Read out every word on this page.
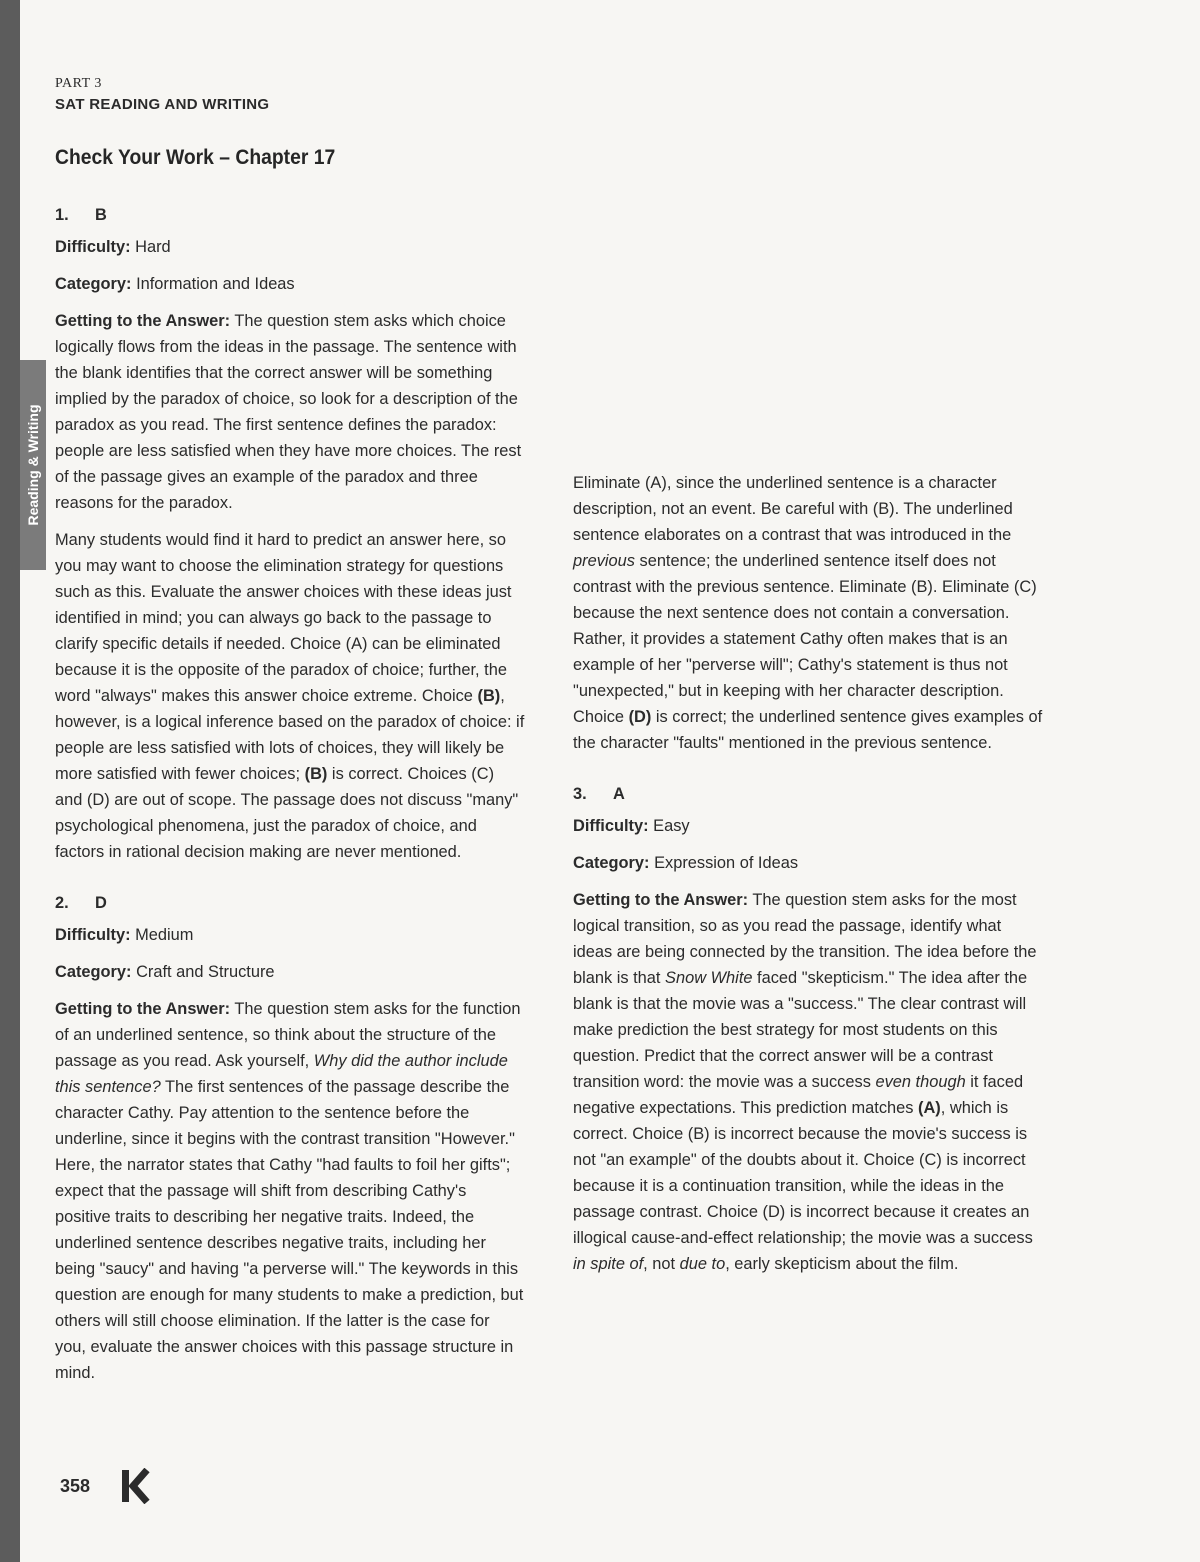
Reading & Writing

PART 3

SAT READING AND WRITING

Check Your Work – Chapter 17
1. B
Difficulty: Hard
Category: Information and Ideas

Getting to the Answer: The question stem asks which choice logically flows from the ideas in the passage. The sentence with the blank identifies that the correct answer will be something implied by the paradox of choice, so look for a description of the paradox as you read. The first sentence defines the paradox: people are less satisfied when they have more choices. The rest of the passage gives an example of the paradox and three reasons for the paradox.

Many students would find it hard to predict an answer here, so you may want to choose the elimination strategy for questions such as this. Evaluate the answer choices with these ideas just identified in mind; you can always go back to the passage to clarify specific details if needed. Choice (A) can be eliminated because it is the opposite of the paradox of choice; further, the word "always" makes this answer choice extreme. Choice (B), however, is a logical inference based on the paradox of choice: if people are less satisfied with lots of choices, they will likely be more satisfied with fewer choices; (B) is correct. Choices (C) and (D) are out of scope. The passage does not discuss "many" psychological phenomena, just the paradox of choice, and factors in rational decision making are never mentioned.

2. D
Difficulty: Medium
Category: Craft and Structure

Getting to the Answer: The question stem asks for the function of an underlined sentence, so think about the structure of the passage as you read. Ask yourself, Why did the author include this sentence? The first sentences of the passage describe the character Cathy. Pay attention to the sentence before the underline, since it begins with the contrast transition "However." Here, the narrator states that Cathy "had faults to foil her gifts"; expect that the passage will shift from describing Cathy's positive traits to describing her negative traits. Indeed, the underlined sentence describes negative traits, including her being "saucy" and having "a perverse will." The keywords in this question are enough for many students to make a prediction, but others will still choose elimination. If the latter is the case for you, evaluate the answer choices with this passage structure in mind.

Eliminate (A), since the underlined sentence is a character description, not an event. Be careful with (B). The underlined sentence elaborates on a contrast that was introduced in the previous sentence; the underlined sentence itself does not contrast with the previous sentence. Eliminate (B). Eliminate (C) because the next sentence does not contain a conversation. Rather, it provides a statement Cathy often makes that is an example of her "perverse will"; Cathy's statement is thus not "unexpected," but in keeping with her character description. Choice (D) is correct; the underlined sentence gives examples of the character "faults" mentioned in the previous sentence.

3. A
Difficulty: Easy
Category: Expression of Ideas

Getting to the Answer: The question stem asks for the most logical transition, so as you read the passage, identify what ideas are being connected by the transition. The idea before the blank is that Snow White faced "skepticism." The idea after the blank is that the movie was a "success." The clear contrast will make prediction the best strategy for most students on this question. Predict that the correct answer will be a contrast transition word: the movie was a success even though it faced negative expectations. This prediction matches (A), which is correct. Choice (B) is incorrect because the movie's success is not "an example" of the doubts about it. Choice (C) is incorrect because it is a continuation transition, while the ideas in the passage contrast. Choice (D) is incorrect because it creates an illogical cause-and-effect relationship; the movie was a success in spite of, not due to, early skepticism about the film.

358
